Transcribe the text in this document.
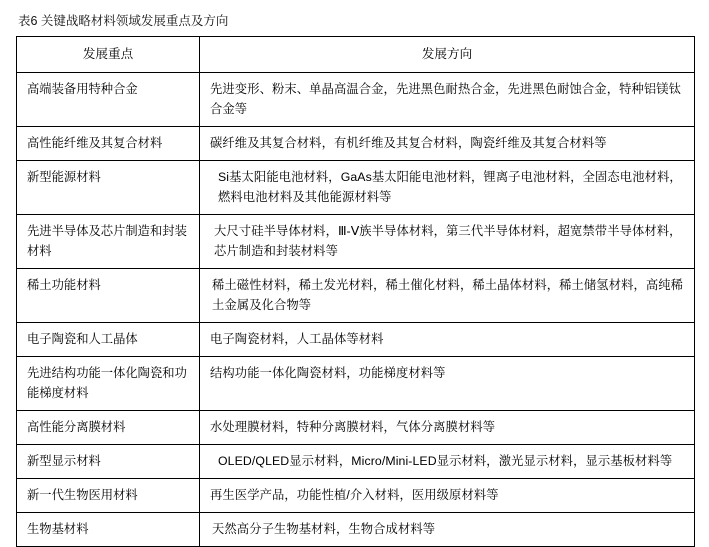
表6 关键战略材料领域发展重点及方向
发展重点	发展方向
高端装备用特种合金	先进变形、粉末、单晶高温合金，先进黑色耐热合金，先进黑色耐蚀合金，特种铝镁钛合金等
高性能纤维及其复合材料	碳纤维及其复合材料，有机纤维及其复合材料，陶瓷纤维及其复合材料等
新型能源材料	Si基太阳能电池材料，GaAs基太阳能电池材料，锂离子电池材料，全固态电池材料，燃料电池材料及其他能源材料等
先进半导体及芯片制造和封装材料	大尺寸硅半导体材料，Ⅲ-Ⅴ族半导体材料，第三代半导体材料，超宽禁带半导体材料，芯片制造和封装材料等
稀土功能材料	稀土磁性材料，稀土发光材料，稀土催化材料，稀土晶体材料，稀土储氢材料，高纯稀土金属及化合物等
电子陶瓷和人工晶体	电子陶瓷材料，人工晶体等材料
先进结构功能一体化陶瓷和功能梯度材料	结构功能一体化陶瓷材料，功能梯度材料等
高性能分离膜材料	水处理膜材料，特种分离膜材料，气体分离膜材料等
新型显示材料	OLED/QLED显示材料，Micro/Mini-LED显示材料，激光显示材料，显示基板材料等
新一代生物医用材料	再生医学产品，功能性植/介入材料，医用级原材料等
生物基材料	天然高分子生物基材料，生物合成材料等
